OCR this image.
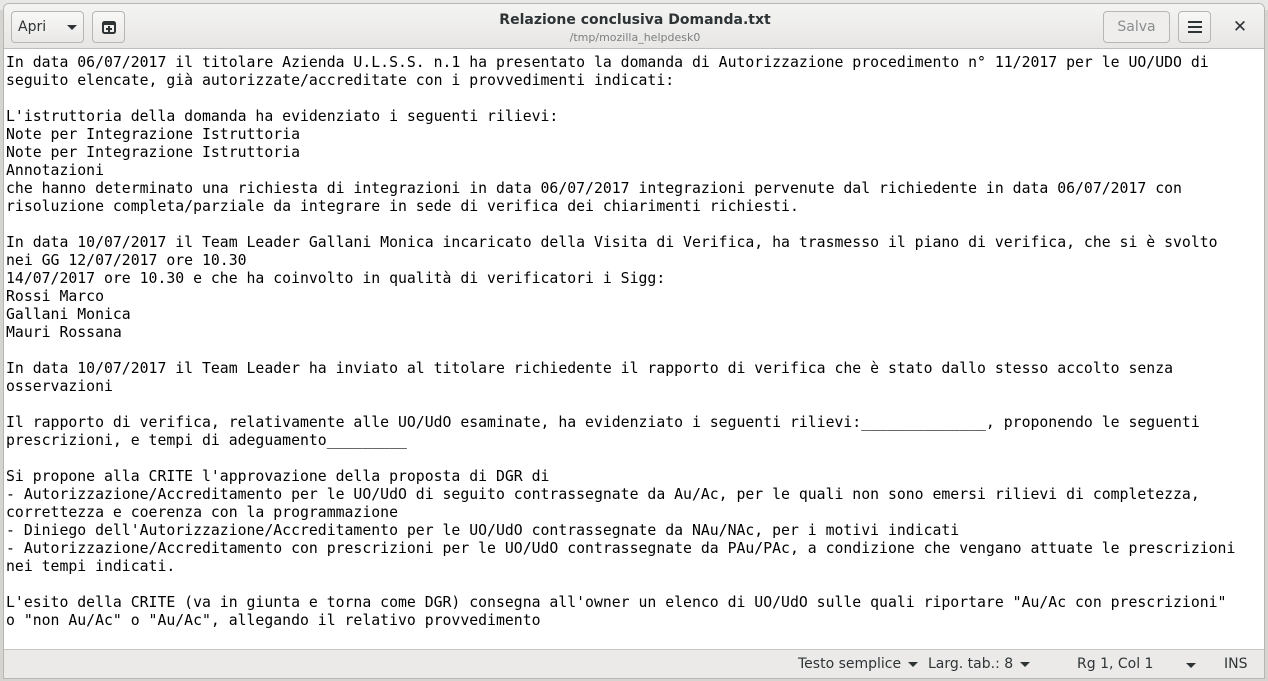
Apri	Relazione conclusiva Domanda.txt
/tmp/mozilla_helpdesk0
Salva	✕
In data 06/07/2017 il titolare Azienda U.L.S.S. n.1 ha presentato la domanda di Autorizzazione procedimento n° 11/2017 per le UO/UDO di
seguito elencate, già autorizzate/accreditate con i provvedimenti indicati:

L'istruttoria della domanda ha evidenziato i seguenti rilievi:
Note per Integrazione Istruttoria
Note per Integrazione Istruttoria
Annotazioni
che hanno determinato una richiesta di integrazioni in data 06/07/2017 integrazioni pervenute dal richiedente in data 06/07/2017 con
risoluzione completa/parziale da integrare in sede di verifica dei chiarimenti richiesti.

In data 10/07/2017 il Team Leader Gallani Monica incaricato della Visita di Verifica, ha trasmesso il piano di verifica, che si è svolto
nei GG 12/07/2017 ore 10.30
14/07/2017 ore 10.30 e che ha coinvolto in qualità di verificatori i Sigg:
Rossi Marco
Gallani Monica
Mauri Rossana

In data 10/07/2017 il Team Leader ha inviato al titolare richiedente il rapporto di verifica che è stato dallo stesso accolto senza
osservazioni

Il rapporto di verifica, relativamente alle UO/UdO esaminate, ha evidenziato i seguenti rilievi:______________, proponendo le seguenti
prescrizioni, e tempi di adeguamento_________

Si propone alla CRITE l'approvazione della proposta di DGR di
- Autorizzazione/Accreditamento per le UO/UdO di seguito contrassegnate da Au/Ac, per le quali non sono emersi rilievi di completezza,
correttezza e coerenza con la programmazione
- Diniego dell'Autorizzazione/Accreditamento per le UO/UdO contrassegnate da NAu/NAc, per i motivi indicati
- Autorizzazione/Accreditamento con prescrizioni per le UO/UdO contrassegnate da PAu/PAc, a condizione che vengano attuate le prescrizioni
nei tempi indicati.

L'esito della CRITE (va in giunta e torna come DGR) consegna all'owner un elenco di UO/UdO sulle quali riportare "Au/Ac con prescrizioni"
o "non Au/Ac" o "Au/Ac", allegando il relativo provvedimento
Testo semplice Larg. tab.: 8	Rg 1, Col 1	INS
